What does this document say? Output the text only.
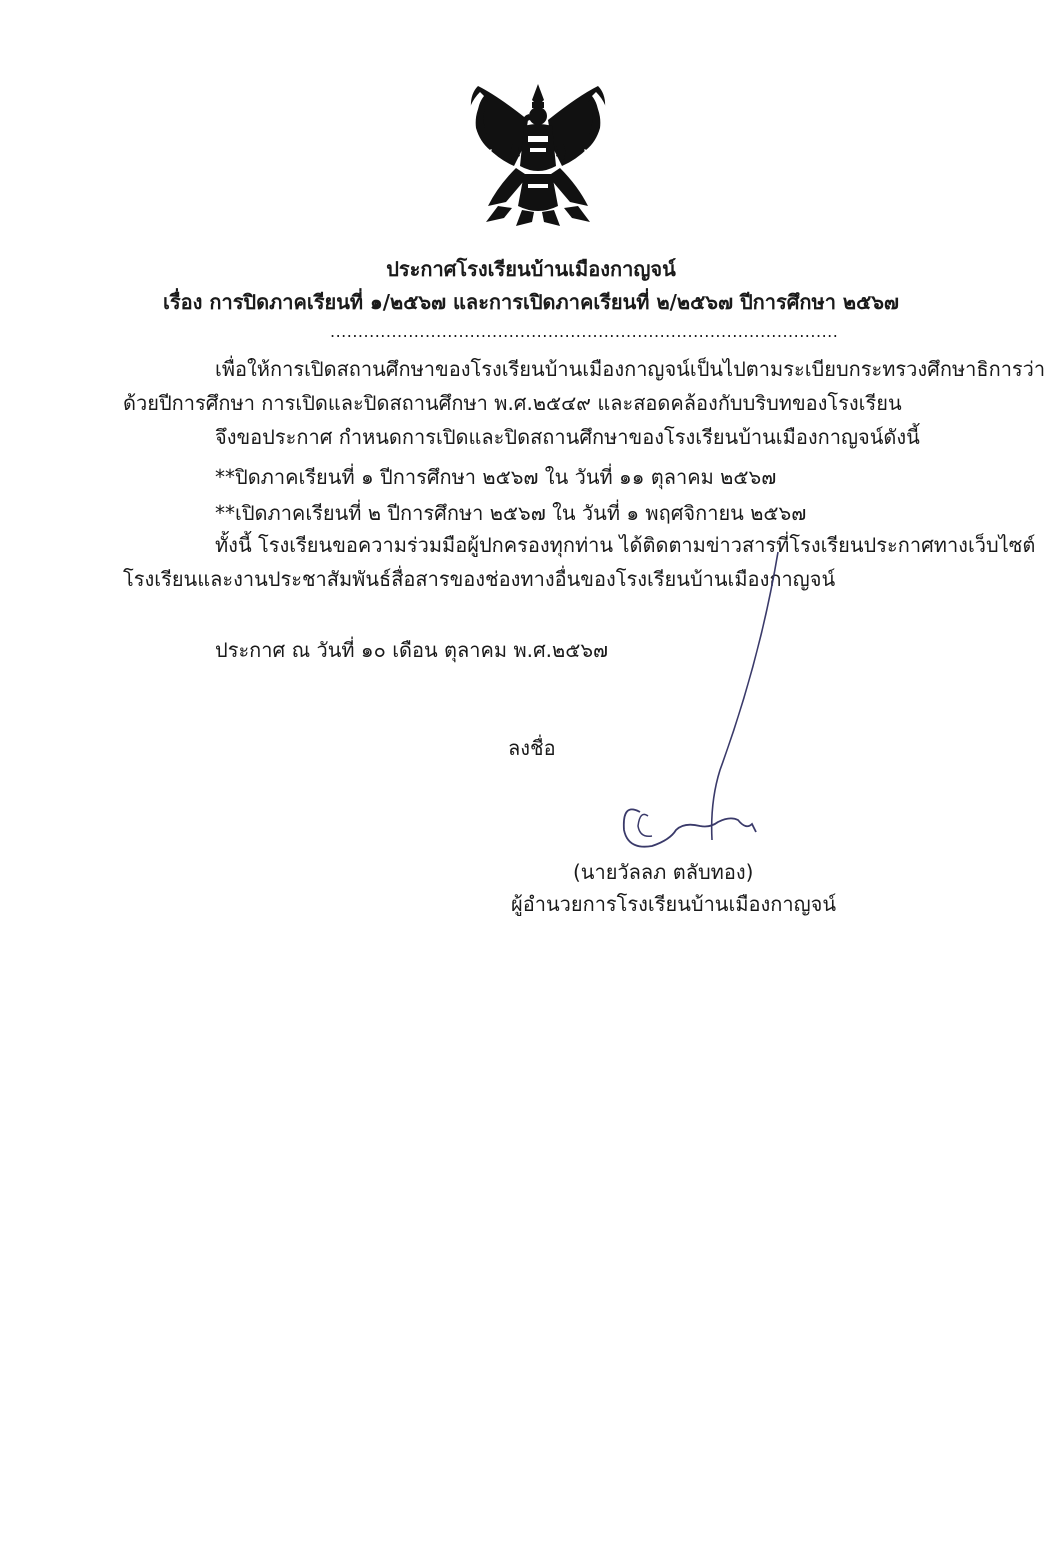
ประกาศโรงเรียนบ้านเมืองกาญจน์
เรื่อง การปิดภาคเรียนที่ ๑/๒๕๖๗ และการเปิดภาคเรียนที่ ๒/๒๕๖๗ ปีการศึกษา ๒๕๖๗
...........................................................................................
เพื่อให้การเปิดสถานศึกษาของโรงเรียนบ้านเมืองกาญจน์เป็นไปตามระเบียบกระทรวงศึกษาธิการว่า
ด้วยปีการศึกษา การเปิดและปิดสถานศึกษา พ.ศ.๒๕๔๙ และสอดคล้องกับบริบทของโรงเรียน
จึงขอประกาศ กำหนดการเปิดและปิดสถานศึกษาของโรงเรียนบ้านเมืองกาญจน์ดังนี้
**ปิดภาคเรียนที่ ๑ ปีการศึกษา ๒๕๖๗ ใน วันที่ ๑๑ ตุลาคม ๒๕๖๗
**เปิดภาคเรียนที่ ๒ ปีการศึกษา ๒๕๖๗ ใน วันที่ ๑ พฤศจิกายน ๒๕๖๗
ทั้งนี้ โรงเรียนขอความร่วมมือผู้ปกครองทุกท่าน ได้ติดตามข่าวสารที่โรงเรียนประกาศทางเว็บไซต์
โรงเรียนและงานประชาสัมพันธ์สื่อสารของช่องทางอื่นของโรงเรียนบ้านเมืองกาญจน์
ประกาศ ณ วันที่ ๑๐ เดือน ตุลาคม พ.ศ.๒๕๖๗
ลงชื่อ
(นายวัลลภ ตลับทอง)
ผู้อำนวยการโรงเรียนบ้านเมืองกาญจน์
